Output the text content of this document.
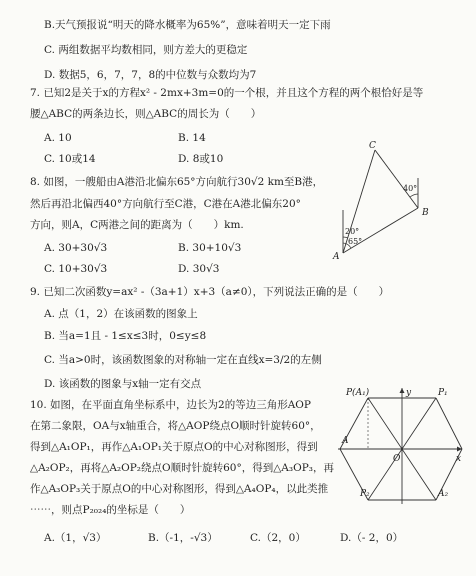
B.天气预报说“明天的降水概率为65%”，意味着明天一定下雨
C. 两组数据平均数相同，则方差大的更稳定
D. 数据5，6，7，7，8的中位数与众数均为7
7. 已知2是关于x的方程x² - 2mx+3m=0的一个根，并且这个方程的两个根恰好是等
腰△ABC的两条边长，则△ABC的周长为（　　）
A. 10	B. 14
C. 10或14	D. 8或10
8. 如图，一艘船由A港沿北偏东65°方向航行30√2 km至B港，
然后再沿北偏西40°方向航行至C港，C港在A港北偏东20°
方向，则A，C两港之间的距离为（　　）km.
A. 30+30√3	B. 30+10√3
C. 10+30√3	D. 30√3
C
B
A
40°
20°
65°
9. 已知二次函数y=ax² -（3a+1）x+3（a≠0），下列说法正确的是（　　）
A. 点（1，2）在该函数的图象上
B. 当a=1且 - 1≤x≤3时，0≤y≤8
C. 当a>0时，该函数图象的对称轴一定在直线x=3/2的左侧
D. 该函数的图象与x轴一定有交点
10. 如图，在平面直角坐标系中，边长为2的等边三角形AOP
在第二象限，OA与x轴重合，将△AOP绕点O顺时针旋转60°，
得到△A₁OP₁，再作△A₁OP₁关于原点O的中心对称图形，得到
△A₂OP₂，再将△A₂OP₂绕点O顺时针旋转60°，得到△A₃OP₃，再
作△A₃OP₃关于原点O的中心对称图形，得到△A₄OP₄，以此类推
⋯⋯，则点P₂₀₂₄的坐标是（　　）
A.（1，√3）	B.（-1，-√3）	C.（2，0）	D.（- 2，0）
P(A₁)	P₁
A
O	x
y
P₂	A₂
